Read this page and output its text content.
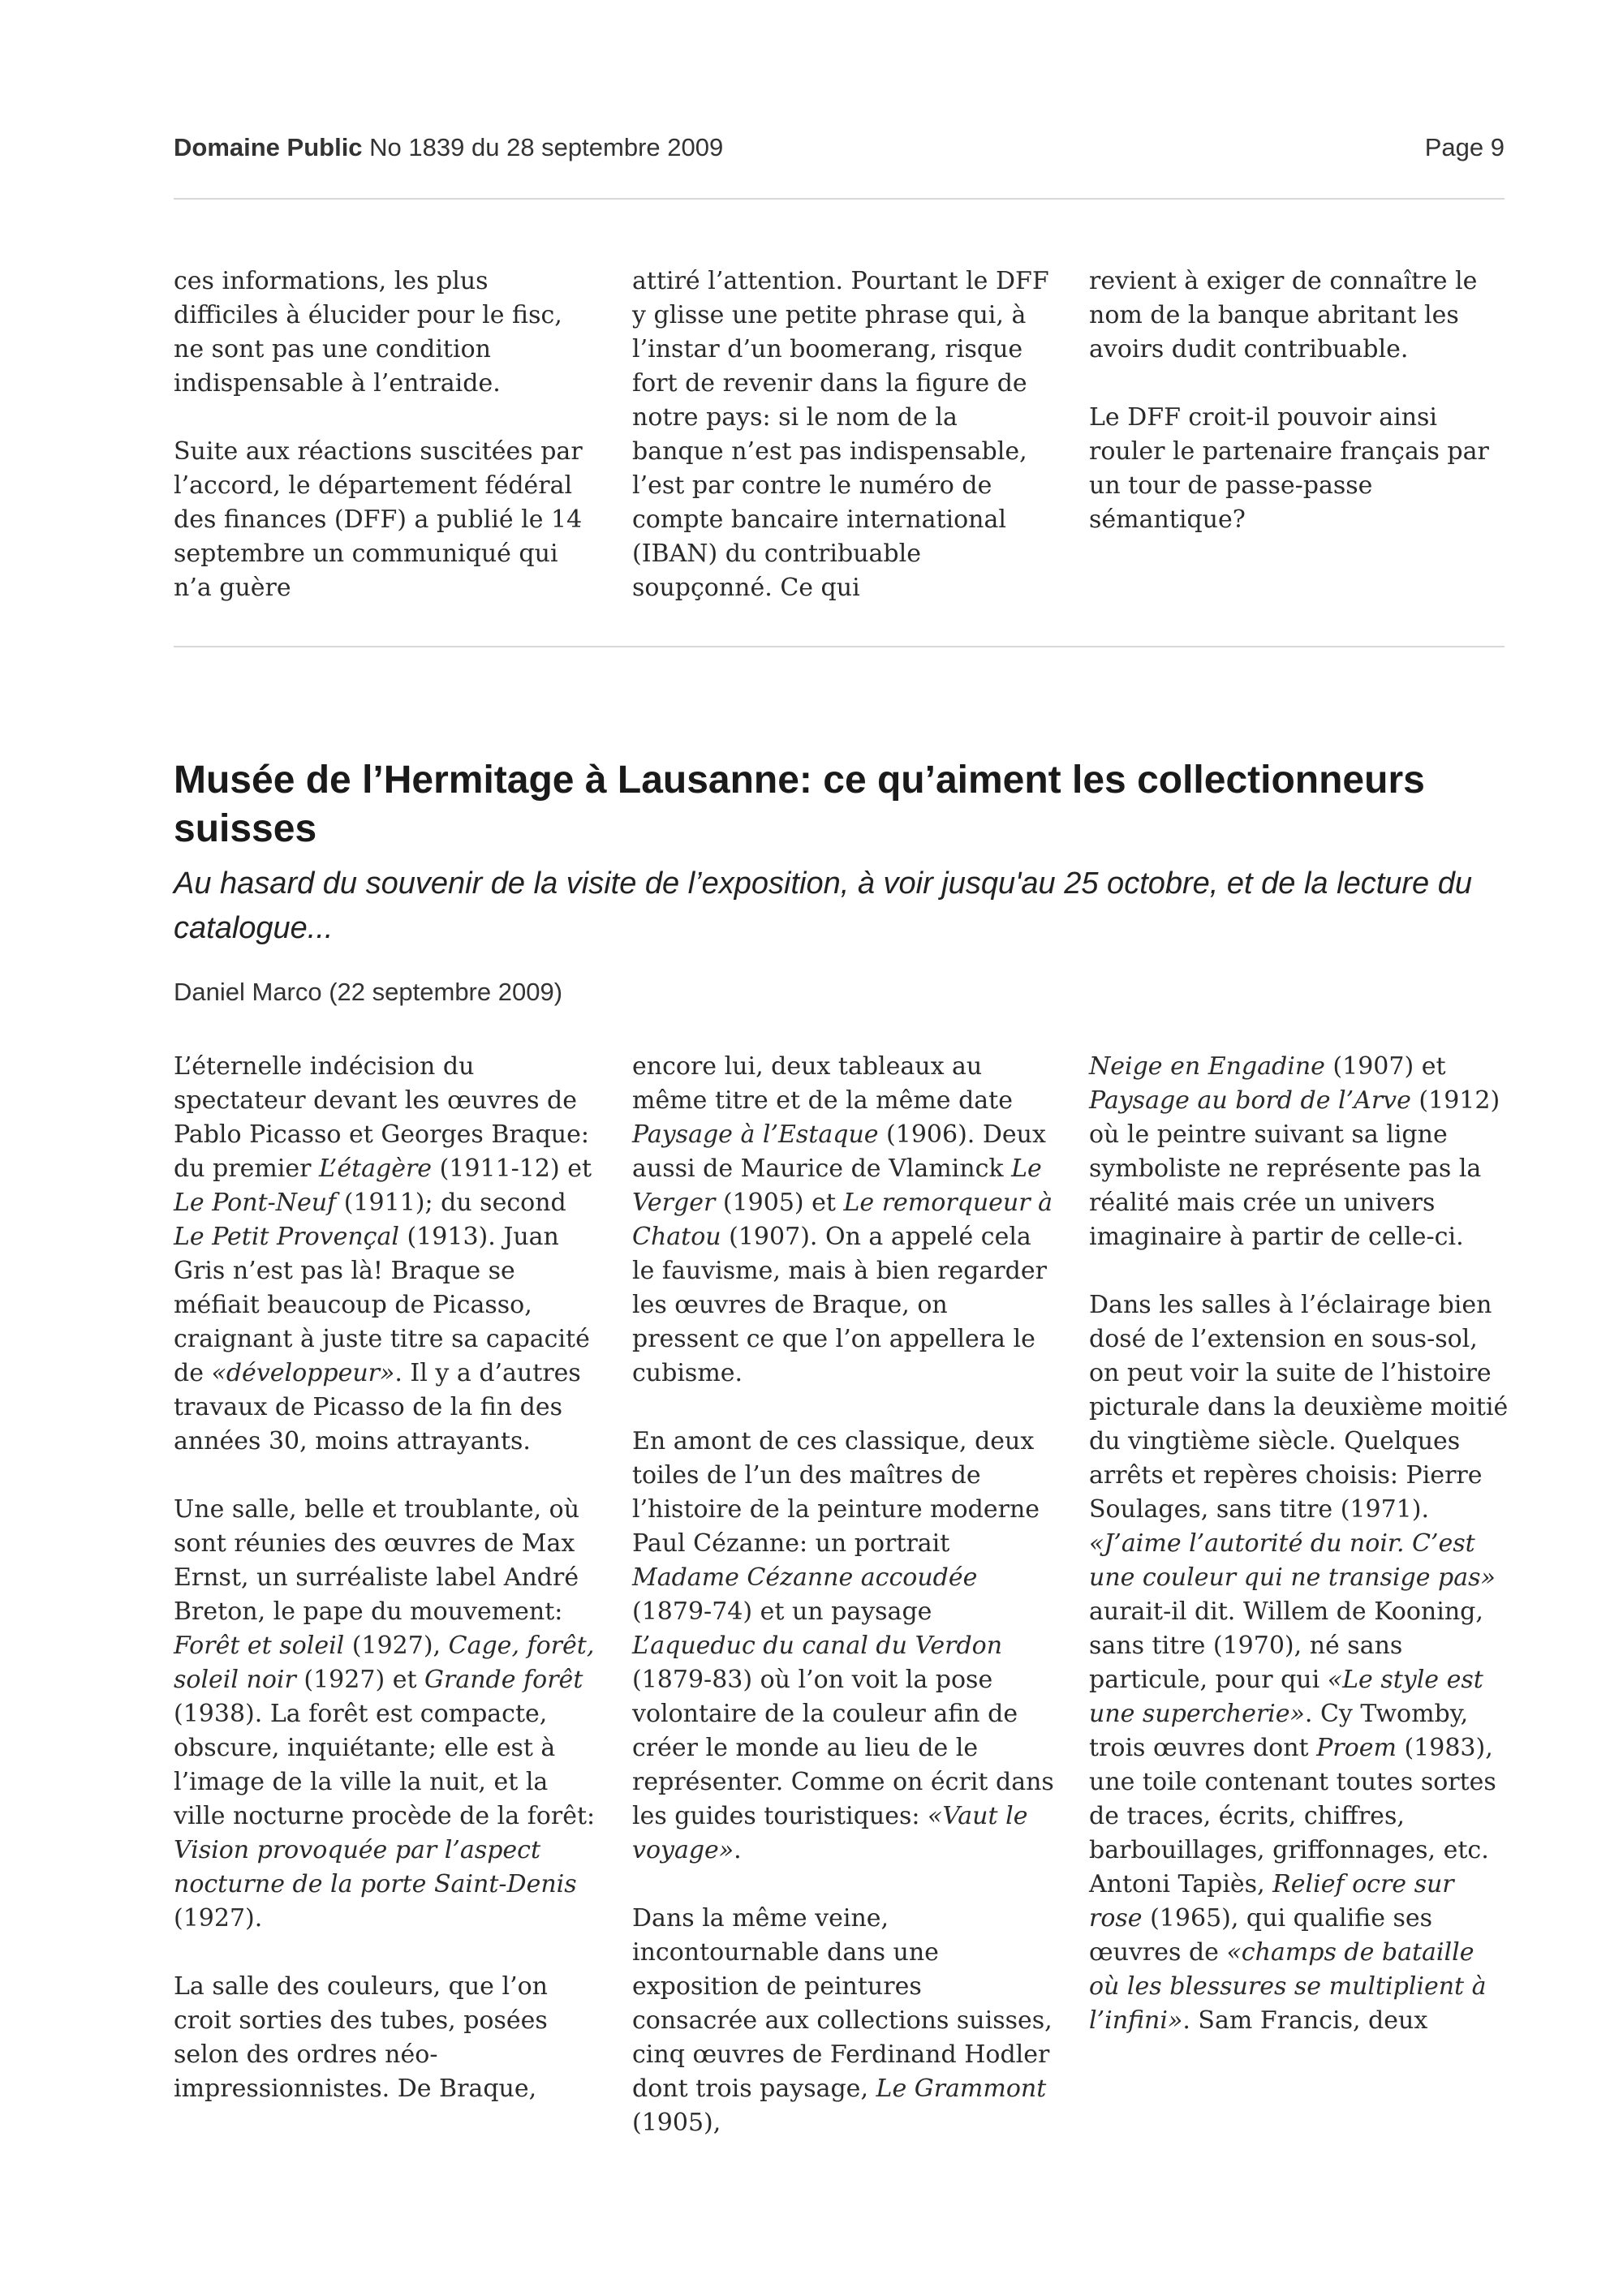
Domaine Public No 1839 du 28 septembre 2009	Page 9

ces informations, les plus difficiles à élucider pour le fisc, ne sont pas une condition indispensable à l’entraide.

Suite aux réactions suscitées par l’accord, le département fédéral des finances (DFF) a publié le 14 septembre un communiqué qui n’a guère

attiré l’attention. Pourtant le DFF y glisse une petite phrase qui, à l’instar d’un boomerang, risque fort de revenir dans la figure de notre pays: si le nom de la banque n’est pas indispensable, l’est par contre le numéro de compte bancaire international (IBAN) du contribuable soupçonné. Ce qui

revient à exiger de connaître le nom de la banque abritant les avoirs dudit contribuable.

Le DFF croit-il pouvoir ainsi rouler le partenaire français par un tour de passe-passe sémantique?

Musée de l’Hermitage à Lausanne: ce qu’aiment les collectionneurs suisses

Au hasard du souvenir de la visite de l’exposition, à voir jusqu'au 25 octobre, et de la lecture du catalogue...

Daniel Marco (22 septembre 2009)

L’éternelle indécision du spectateur devant les œuvres de Pablo Picasso et Georges Braque: du premier L’étagère (1911-12) et Le Pont-Neuf (1911); du second Le Petit Provençal (1913). Juan Gris n’est pas là! Braque se méfiait beaucoup de Picasso, craignant à juste titre sa capacité de «développeur». Il y a d’autres travaux de Picasso de la fin des années 30, moins attrayants.

Une salle, belle et troublante, où sont réunies des œuvres de Max Ernst, un surréaliste label André Breton, le pape du mouvement: Forêt et soleil (1927), Cage, forêt, soleil noir (1927) et Grande forêt (1938). La forêt est compacte, obscure, inquiétante; elle est à l’image de la ville la nuit, et la ville nocturne procède de la forêt: Vision provoquée par l’aspect nocturne de la porte Saint-Denis (1927).

La salle des couleurs, que l’on croit sorties des tubes, posées selon des ordres néo-impressionnistes. De Braque,

encore lui, deux tableaux au même titre et de la même date Paysage à l’Estaque (1906). Deux aussi de Maurice de Vlaminck Le Verger (1905) et Le remorqueur à Chatou (1907). On a appelé cela le fauvisme, mais à bien regarder les œuvres de Braque, on pressent ce que l’on appellera le cubisme.

En amont de ces classique, deux toiles de l’un des maîtres de l’histoire de la peinture moderne Paul Cézanne: un portrait Madame Cézanne accoudée (1879-74) et un paysage L’aqueduc du canal du Verdon (1879-83) où l’on voit la pose volontaire de la couleur afin de créer le monde au lieu de le représenter. Comme on écrit dans les guides touristiques: «Vaut le voyage».

Dans la même veine, incontournable dans une exposition de peintures consacrée aux collections suisses, cinq œuvres de Ferdinand Hodler dont trois paysage, Le Grammont (1905),

Neige en Engadine (1907) et Paysage au bord de l’Arve (1912) où le peintre suivant sa ligne symboliste ne représente pas la réalité mais crée un univers imaginaire à partir de celle-ci.

Dans les salles à l’éclairage bien dosé de l’extension en sous-sol, on peut voir la suite de l’histoire picturale dans la deuxième moitié du vingtième siècle. Quelques arrêts et repères choisis: Pierre Soulages, sans titre (1971). «J’aime l’autorité du noir. C’est une couleur qui ne transige pas» aurait-il dit. Willem de Kooning, sans titre (1970), né sans particule, pour qui «Le style est une supercherie». Cy Twomby, trois œuvres dont Proem (1983), une toile contenant toutes sortes de traces, écrits, chiffres, barbouillages, griffonnages, etc. Antoni Tapiès, Relief ocre sur rose (1965), qui qualifie ses œuvres de «champs de bataille où les blessures se multiplient à l’infini». Sam Francis, deux
